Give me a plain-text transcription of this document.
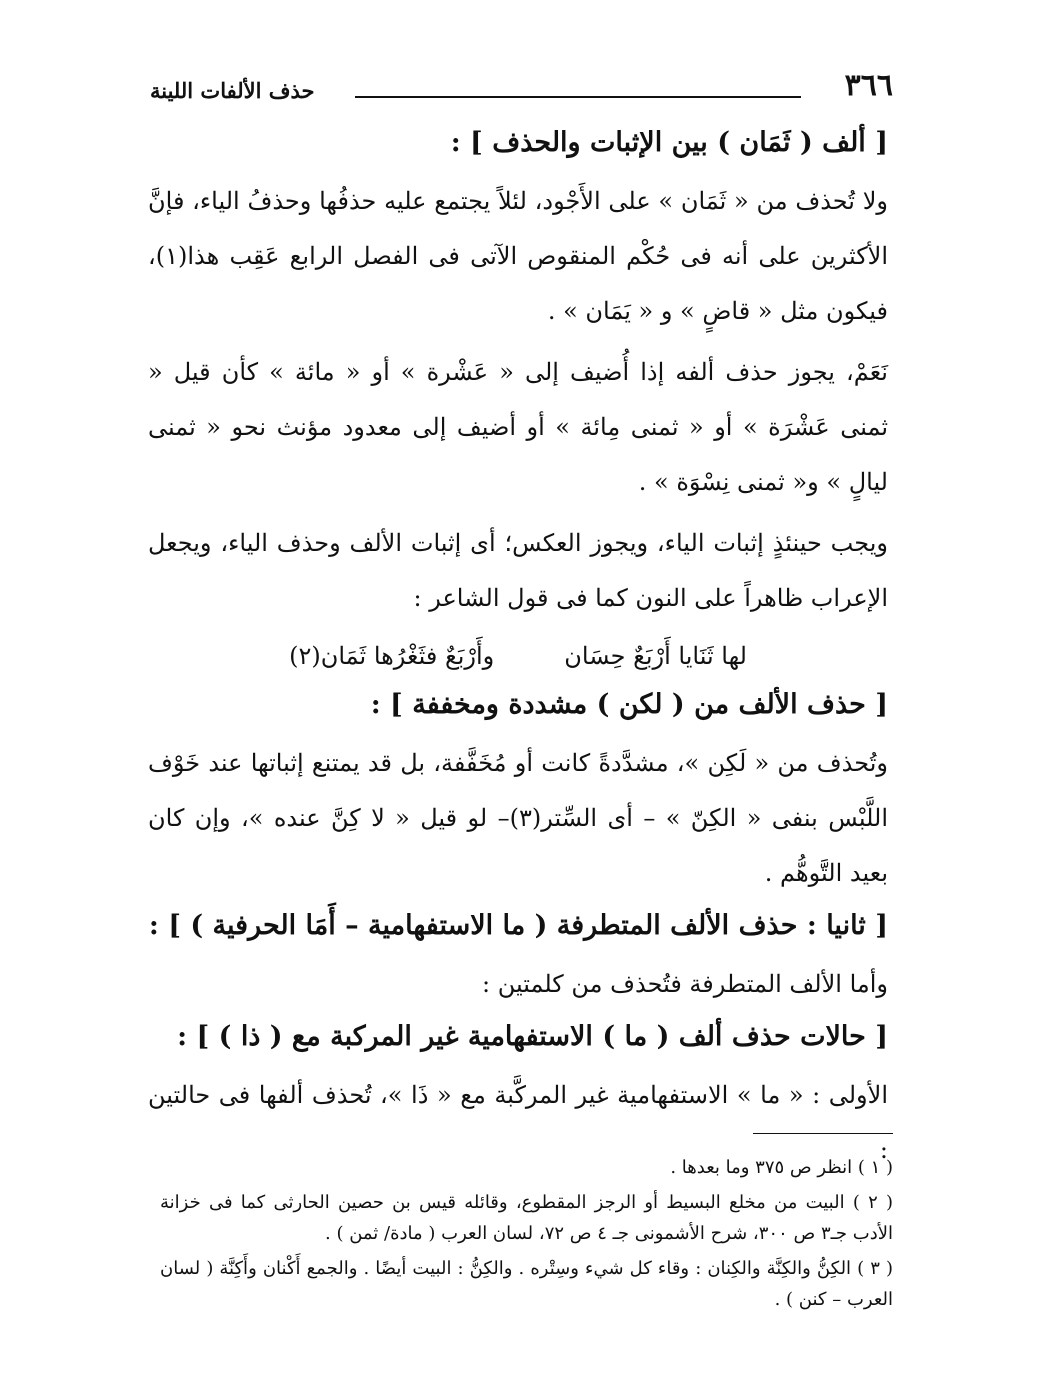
٣٦٦
حذف الألفات اللينة
[ ألف ( ثَمَان ) بين الإثبات والحذف ] :

ولا تُحذف من « ثَمَان » على الأَجْود، لئلاً يجتمع عليه حذفُها وحذفُ الياء، فإنَّ الأكثرين على أنه فى حُكْم المنقوص الآتى فى الفصل الرابع عَقِب هذا(١)، فيكون مثل « قاضٍ » و « يَمَان » .

نَعَمْ، يجوز حذف ألفه إذا أُضيف إلى « عَشْرة » أو « مائة » كأن قيل « ثمنى عَشْرَة » أو « ثمنى مِائة » أو أضيف إلى معدود مؤنث نحو « ثمنى ليالٍ » و« ثمنى نِسْوَة » .

ويجب حينئذٍ إثبات الياء، ويجوز العكس؛ أى إثبات الألف وحذف الياء، ويجعل الإعراب ظاهراً على النون كما فى قول الشاعر :

لها ثَنَايا أَرْبَعٌ حِسَان
وأَرْبَعٌ فثَغْرُها ثَمَان(٢)
[ حذف الألف من ( لكن ) مشددة ومخففة ] :

وتُحذف من « لَكِن »، مشدَّدةً كانت أو مُخَفَّفة، بل قد يمتنع إثباتها عند خَوْف اللَّبْس بنفى « الكِنّ » – أى السِّتر(٣)– لو قيل « لا كِنَّ عنده »، وإن كان بعيد التَّوهُّم .

[ ثانيا : حذف الألف المتطرفة ( ما الاستفهامية – أَمَا الحرفية ) ] :

وأما الألف المتطرفة فتُحذف من كلمتين :

[ حالات حذف ألف ( ما ) الاستفهامية غير المركبة مع ( ذا ) ] :

الأولى : « ما » الاستفهامية غير المركَّبة مع « ذَا »، تُحذف ألفها فى حالتين :

( ١ ) انظر ص ٣٧٥ وما بعدها .

( ٢ ) البيت من مخلع البسيط أو الرجز المقطوع، وقائله قيس بن حصين الحارثى كما فى خزانة الأدب جـ٣ ص ٣٠٠، شرح الأشمونى جـ ٤ ص ٧٢، لسان العرب ( مادة/ ثمن ) .

( ٣ ) الكِنُّ والكِنَّة والكِنان : وقاء كل شيء وسِتْره . والكِنُّ : البيت أيضًا . والجمع أَكْنان وأَكِنَّة ( لسان العرب – كنن ) .
